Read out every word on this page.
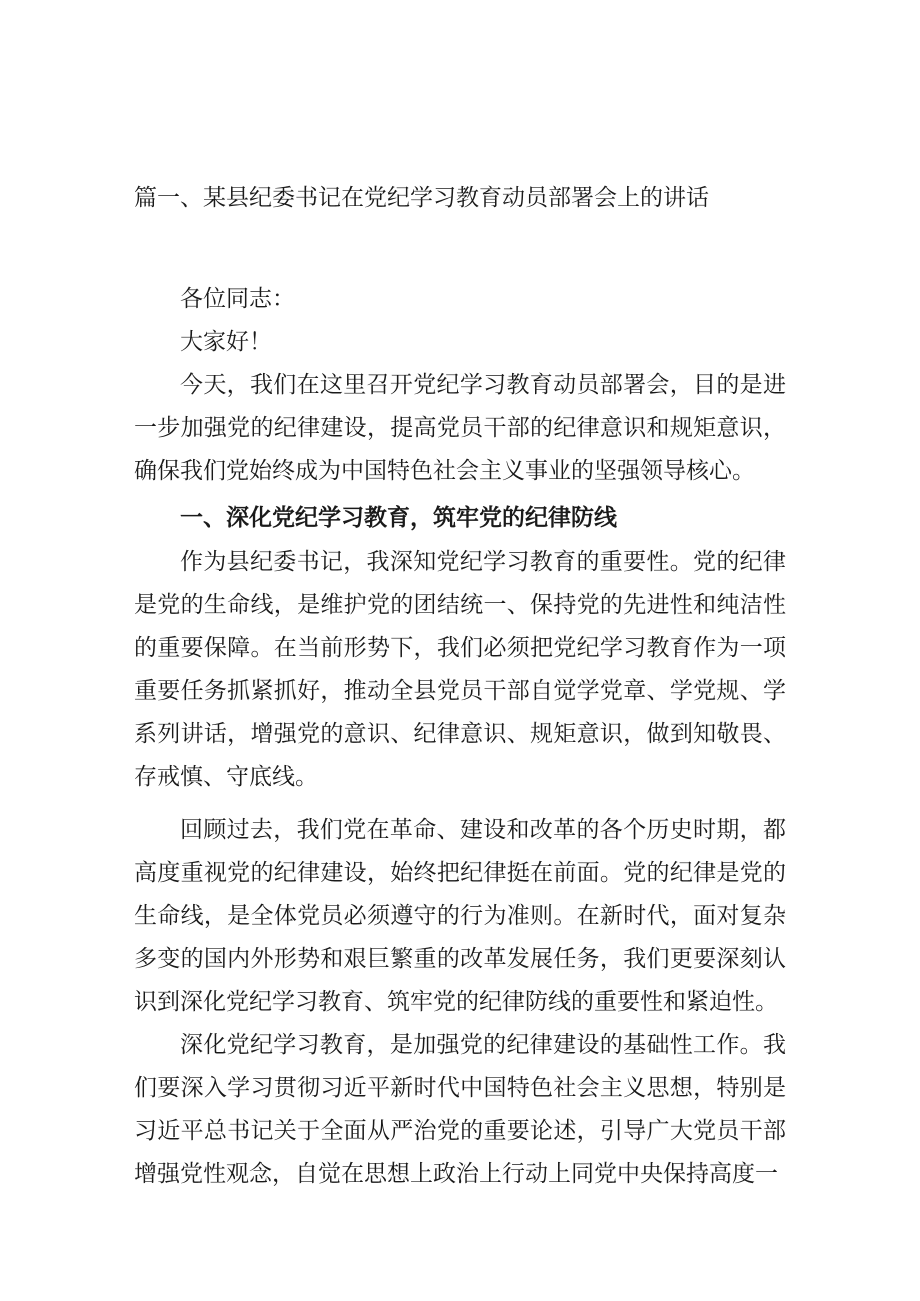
篇一、某县纪委书记在党纪学习教育动员部署会上的讲话

各位同志：

大家好！

今天，我们在这里召开党纪学习教育动员部署会，目的是进一步加强党的纪律建设，提高党员干部的纪律意识和规矩意识，确保我们党始终成为中国特色社会主义事业的坚强领导核心。

一、深化党纪学习教育，筑牢党的纪律防线

作为县纪委书记，我深知党纪学习教育的重要性。党的纪律是党的生命线，是维护党的团结统一、保持党的先进性和纯洁性的重要保障。在当前形势下，我们必须把党纪学习教育作为一项重要任务抓紧抓好，推动全县党员干部自觉学党章、学党规、学系列讲话，增强党的意识、纪律意识、规矩意识，做到知敬畏、存戒慎、守底线。

回顾过去，我们党在革命、建设和改革的各个历史时期，都高度重视党的纪律建设，始终把纪律挺在前面。党的纪律是党的生命线，是全体党员必须遵守的行为准则。在新时代，面对复杂多变的国内外形势和艰巨繁重的改革发展任务，我们更要深刻认识到深化党纪学习教育、筑牢党的纪律防线的重要性和紧迫性。

深化党纪学习教育，是加强党的纪律建设的基础性工作。我们要深入学习贯彻习近平新时代中国特色社会主义思想，特别是习近平总书记关于全面从严治党的重要论述，引导广大党员干部增强党性观念，自觉在思想上政治上行动上同党中央保持高度一
